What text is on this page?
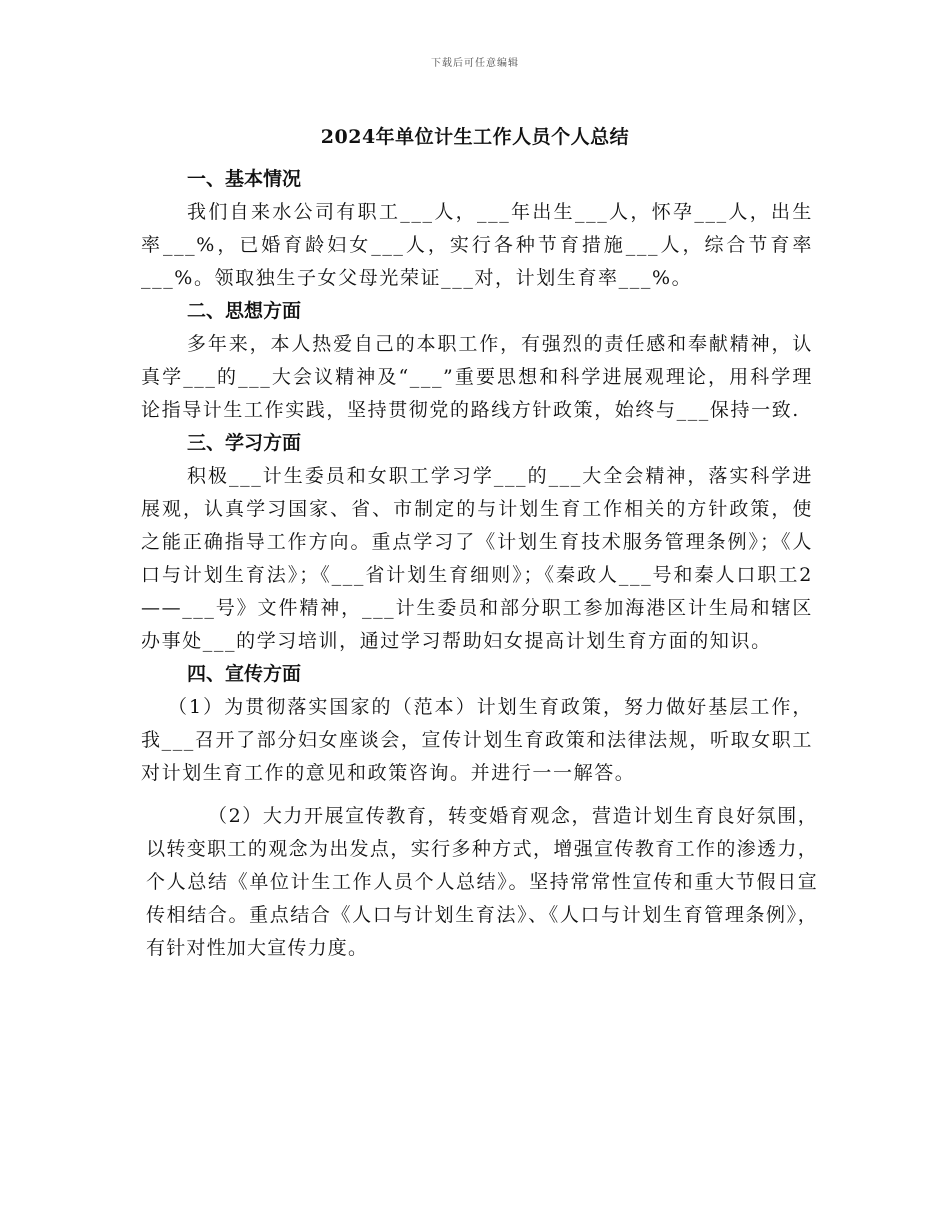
下载后可任意编辑
2024年单位计生工作人员个人总结
一、基本情况

我们自来水公司有职工___人，___年出生___人，怀孕___人，出生率___%，已婚育龄妇女___人，实行各种节育措施___人，综合节育率___%。领取独生子女父母光荣证___对，计划生育率___%。

二、思想方面

多年来，本人热爱自己的本职工作，有强烈的责任感和奉献精神，认真学___的___大会议精神及“___”重要思想和科学进展观理论，用科学理论指导计生工作实践，坚持贯彻党的路线方针政策，始终与___保持一致.

三、学习方面

积极___计生委员和女职工学习学___的___大全会精神，落实科学进展观，认真学习国家、省、市制定的与计划生育工作相关的方针政策，使之能正确指导工作方向。重点学习了《计划生育技术服务管理条例》；《人口与计划生育法》；《___省计划生育细则》；《秦政人___号和秦人口职工2——___号》文件精神，___计生委员和部分职工参加海港区计生局和辖区办事处___的学习培训，通过学习帮助妇女提高计划生育方面的知识。

四、宣传方面

（1）为贯彻落实国家的（范本）计划生育政策，努力做好基层工作，我___召开了部分妇女座谈会，宣传计划生育政策和法律法规，听取女职工对计划生育工作的意见和政策咨询。并进行一一解答。

（2）大力开展宣传教育，转变婚育观念，营造计划生育良好氛围，以转变职工的观念为出发点，实行多种方式，增强宣传教育工作的渗透力，个人总结《单位计生工作人员个人总结》。坚持常常性宣传和重大节假日宣传相结合。重点结合《人口与计划生育法》、《人口与计划生育管理条例》，有针对性加大宣传力度。
